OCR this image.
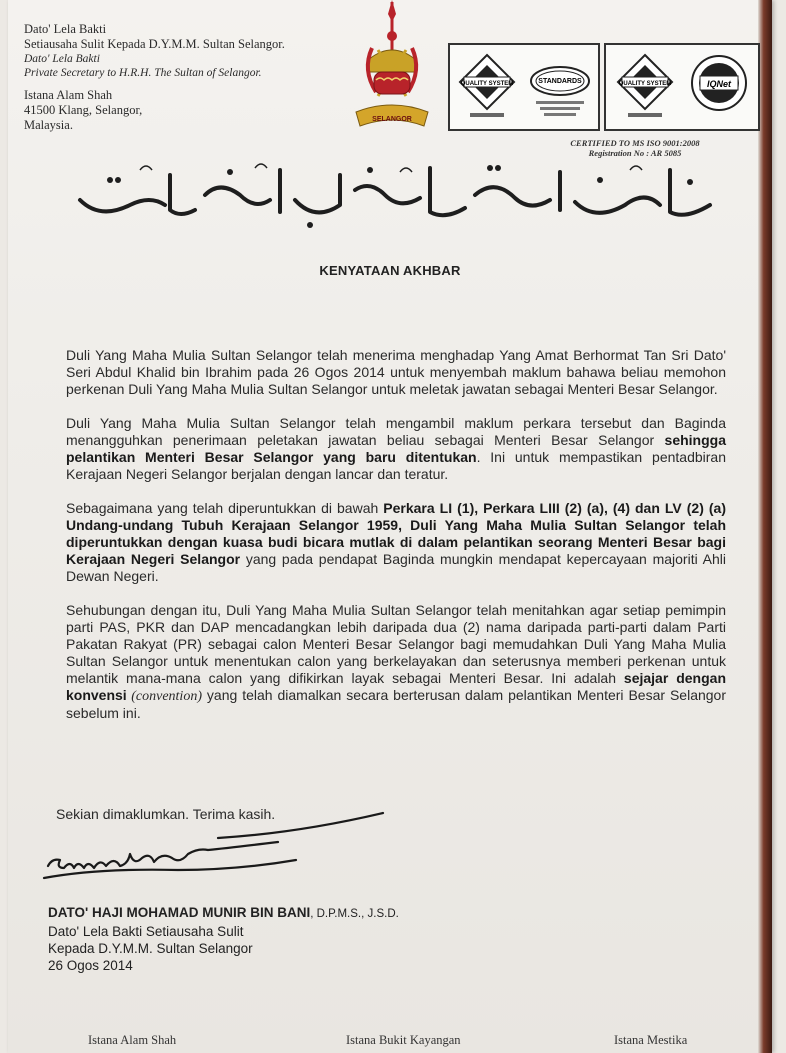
Dato' Lela Bakti
Setiausaha Sulit Kepada D.Y.M.M. Sultan Selangor.
Dato' Lela Bakti
Private Secretary to H.R.H. The Sultan of Selangor.
Istana Alam Shah
41500 Klang, Selangor,
Malaysia.	SELANGOR
QUALITY SYSTEM	STANDARDS	QUALITY SYSTEM	IQNet
CERTIFIED TO MS ISO 9001:2008
Registration No : AR 5085
KENYATAAN AKHBAR

Duli Yang Maha Mulia Sultan Selangor telah menerima menghadap Yang Amat Berhormat Tan Sri Dato' Seri Abdul Khalid bin Ibrahim pada 26 Ogos 2014 untuk menyembah maklum bahawa beliau memohon perkenan Duli Yang Maha Mulia Sultan Selangor untuk meletak jawatan sebagai Menteri Besar Selangor.

Duli Yang Maha Mulia Sultan Selangor telah mengambil maklum perkara tersebut dan Baginda menangguhkan penerimaan peletakan jawatan beliau sebagai Menteri Besar Selangor sehingga pelantikan Menteri Besar Selangor yang baru ditentukan. Ini untuk mempastikan pentadbiran Kerajaan Negeri Selangor berjalan dengan lancar dan teratur.

Sebagaimana yang telah diperuntukkan di bawah Perkara LI (1), Perkara LIII (2) (a), (4) dan LV (2) (a) Undang-undang Tubuh Kerajaan Selangor 1959, Duli Yang Maha Mulia Sultan Selangor telah diperuntukkan dengan kuasa budi bicara mutlak di dalam pelantikan seorang Menteri Besar bagi Kerajaan Negeri Selangor yang pada pendapat Baginda mungkin mendapat kepercayaan majoriti Ahli Dewan Negeri.

Sehubungan dengan itu, Duli Yang Maha Mulia Sultan Selangor telah menitahkan agar setiap pemimpin parti PAS, PKR dan DAP mencadangkan lebih daripada dua (2) nama daripada parti-parti dalam Parti Pakatan Rakyat (PR) sebagai calon Menteri Besar Selangor bagi memudahkan Duli Yang Maha Mulia Sultan Selangor untuk menentukan calon yang berkelayakan dan seterusnya memberi perkenan untuk melantik mana-mana calon yang difikirkan layak sebagai Menteri Besar. Ini adalah sejajar dengan konvensi (convention) yang telah diamalkan secara berterusan dalam pelantikan Menteri Besar Selangor sebelum ini.

Sekian dimaklumkan. Terima kasih.
DATO' HAJI MOHAMAD MUNIR BIN BANI, D.P.M.S., J.S.D.
Dato' Lela Bakti Setiausaha Sulit
Kepada D.Y.M.M. Sultan Selangor
26 Ogos 2014
Istana Alam Shah	Istana Bukit Kayangan	Istana Mestika
